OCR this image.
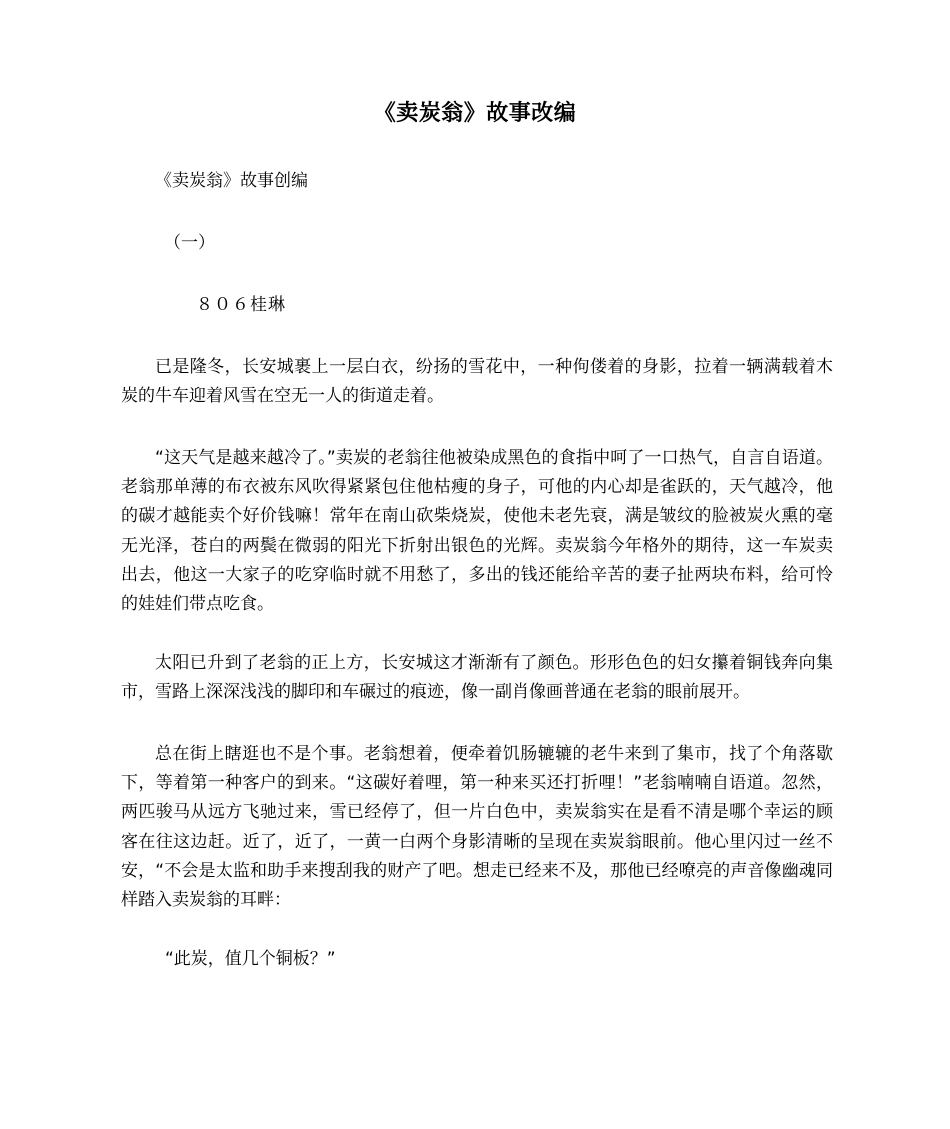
《卖炭翁》故事改编
《卖炭翁》故事创编
（一）
８０６桂琳
已是隆冬，长安城裹上一层白衣，纷扬的雪花中，一种佝偻着的身影，拉着一辆满载着木炭的牛车迎着风雪在空无一人的街道走着。
“这天气是越来越冷了。”卖炭的老翁往他被染成黑色的食指中呵了一口热气，自言自语道。老翁那单薄的布衣被东风吹得紧紧包住他枯瘦的身子，可他的内心却是雀跃的，天气越冷，他的碳才越能卖个好价钱嘛！常年在南山砍柴烧炭，使他未老先衰，满是皱纹的脸被炭火熏的毫无光泽，苍白的两鬓在微弱的阳光下折射出银色的光辉。卖炭翁今年格外的期待，这一车炭卖出去，他这一大家子的吃穿临时就不用愁了，多出的钱还能给辛苦的妻子扯两块布料，给可怜的娃娃们带点吃食。
太阳已升到了老翁的正上方，长安城这才渐渐有了颜色。形形色色的妇女攥着铜钱奔向集市，雪路上深深浅浅的脚印和车碾过的痕迹，像一副肖像画普通在老翁的眼前展开。
总在街上瞎逛也不是个事。老翁想着，便牵着饥肠辘辘的老牛来到了集市，找了个角落歇下，等着第一种客户的到来。“这碳好着哩，第一种来买还打折哩！”老翁喃喃自语道。忽然，两匹骏马从远方飞驰过来，雪已经停了，但一片白色中，卖炭翁实在是看不清是哪个幸运的顾客在往这边赶。近了，近了，一黄一白两个身影清晰的呈现在卖炭翁眼前。他心里闪过一丝不安，“不会是太监和助手来搜刮我的财产了吧。想走已经来不及，那他已经嘹亮的声音像幽魂同样踏入卖炭翁的耳畔：
“此炭，值几个铜板？”
